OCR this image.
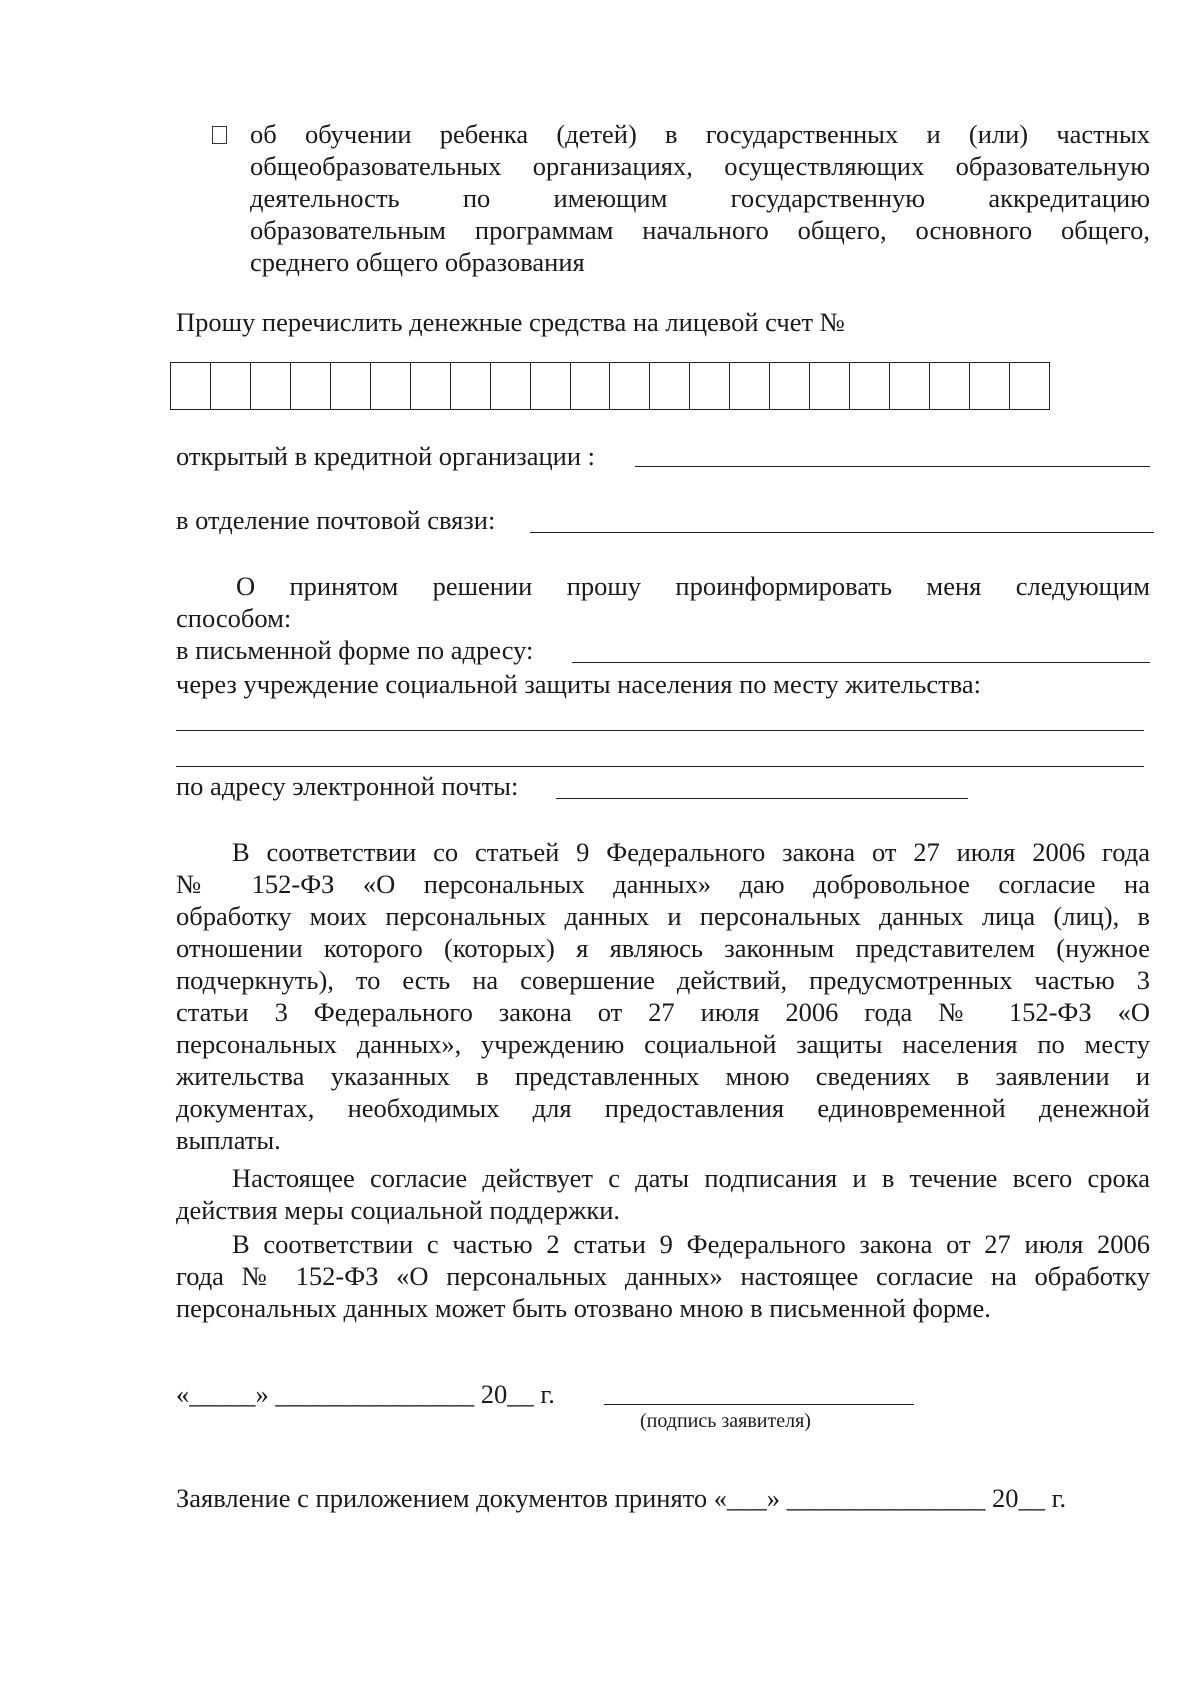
об обучении ребенка (детей) в государственных и (или) частных

общеобразовательных организациях, осуществляющих образовательную

деятельность по имеющим государственную аккредитацию

образовательным программам начального общего, основного общего,

среднего общего образования

Прошу перечислить денежные средства на лицевой счет №
открытый в кредитной организации :
в отделение почтовой связи:
О принятом решении прошу проинформировать меня следующим
способом:
в письменной форме по адресу:
через учреждение социальной защиты населения по месту жительства:
по адресу электронной почты:

В соответствии со статьей 9 Федерального закона от 27 июля 2006 года

№ 152-ФЗ «О персональных данных» даю добровольное согласие на

обработку моих персональных данных и персональных данных лица (лиц), в

отношении которого (которых) я являюсь законным представителем (нужное

подчеркнуть), то есть на совершение действий, предусмотренных частью 3

статьи 3 Федерального закона от 27 июля 2006 года № 152-ФЗ «О

персональных данных», учреждению социальной защиты населения по месту

жительства указанных в представленных мною сведениях в заявлении и

документах, необходимых для предоставления единовременной денежной

выплаты.

Настоящее согласие действует с даты подписания и в течение всего срока

действия меры социальной поддержки.

В соответствии с частью 2 статьи 9 Федерального закона от 27 июля 2006

года № 152-ФЗ «О персональных данных» настоящее согласие на обработку

персональных данных может быть отозвано мною в письменной форме.

«_____» _______________ 20__ г.
(подпись заявителя)
Заявление с приложением документов принято «___» _______________ 20__ г.
